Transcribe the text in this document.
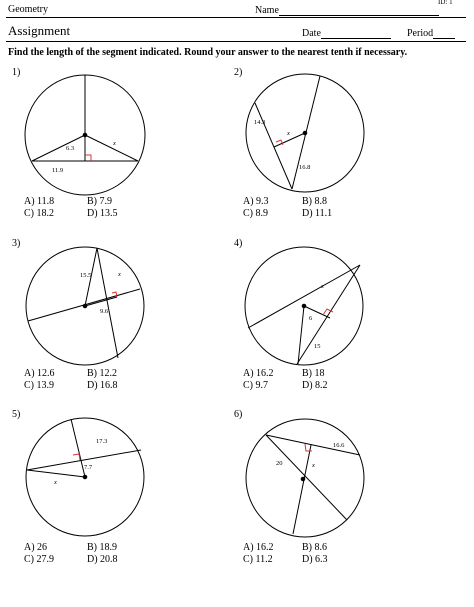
Geometry
ID: 1
Name
Assignment	Date	Period
Find the length of the segment indicated. Round your answer to the nearest tenth if necessary.
1)	2)
3)	4)
5)	6)
6.3
x
11.9
14.3
x
16.8
15.5	x
9.6
x
6
15
17.3
7.7
x
16.6
20	x
A) 11.8	B) 7.9
C) 18.2	D) 13.5
A) 9.3	B) 8.8
C) 8.9	D) 11.1
A) 12.6	B) 12.2
C) 13.9	D) 16.8
A) 16.2	B) 18
C) 9.7	D) 8.2
A) 26	B) 18.9
C) 27.9	D) 20.8
A) 16.2	B) 8.6
C) 11.2	D) 6.3
